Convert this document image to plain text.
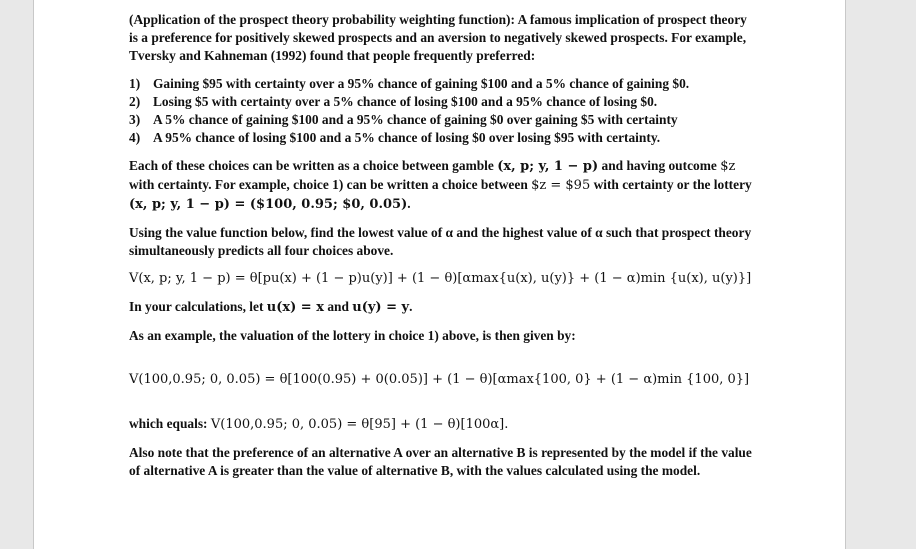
(Application of the prospect theory probability weighting function): A famous implication of prospect theory is a preference for positively skewed prospects and an aversion to negatively skewed prospects. For example, Tversky and Kahneman (1992) found that people frequently preferred:

1) Gaining $95 with certainty over a 95% chance of gaining $100 and a 5% chance of gaining $0.
2) Losing $5 with certainty over a 5% chance of losing $100 and a 95% chance of losing $0.
3) A 5% chance of gaining $100 and a 95% chance of gaining $0 over gaining $5 with certainty
4) A 95% chance of losing $100 and a 5% chance of losing $0 over losing $95 with certainty.

Each of these choices can be written as a choice between gamble (x, p; y, 1 − p) and having outcome $z with certainty. For example, choice 1) can be written a choice between $z = $95 with certainty or the lottery (x, p; y, 1 − p) = ($100, 0.95; $0, 0.05).

Using the value function below, find the lowest value of α and the highest value of α such that prospect theory simultaneously predicts all four choices above.

V(x, p; y, 1 − p) = θ[pu(x) + (1 − p)u(y)] + (1 − θ)[αmax{u(x), u(y)} + (1 − α)min {u(x), u(y)}]

In your calculations, let u(x) = x and u(y) = y.

As an example, the valuation of the lottery in choice 1) above, is then given by:

V(100,0.95; 0, 0.05) = θ[100(0.95) + 0(0.05)] + (1 − θ)[αmax{100, 0} + (1 − α)min {100, 0}]

which equals: V(100,0.95; 0, 0.05) = θ[95] + (1 − θ)[100α].

Also note that the preference of an alternative A over an alternative B is represented by the model if the value of alternative A is greater than the value of alternative B, with the values calculated using the model.
